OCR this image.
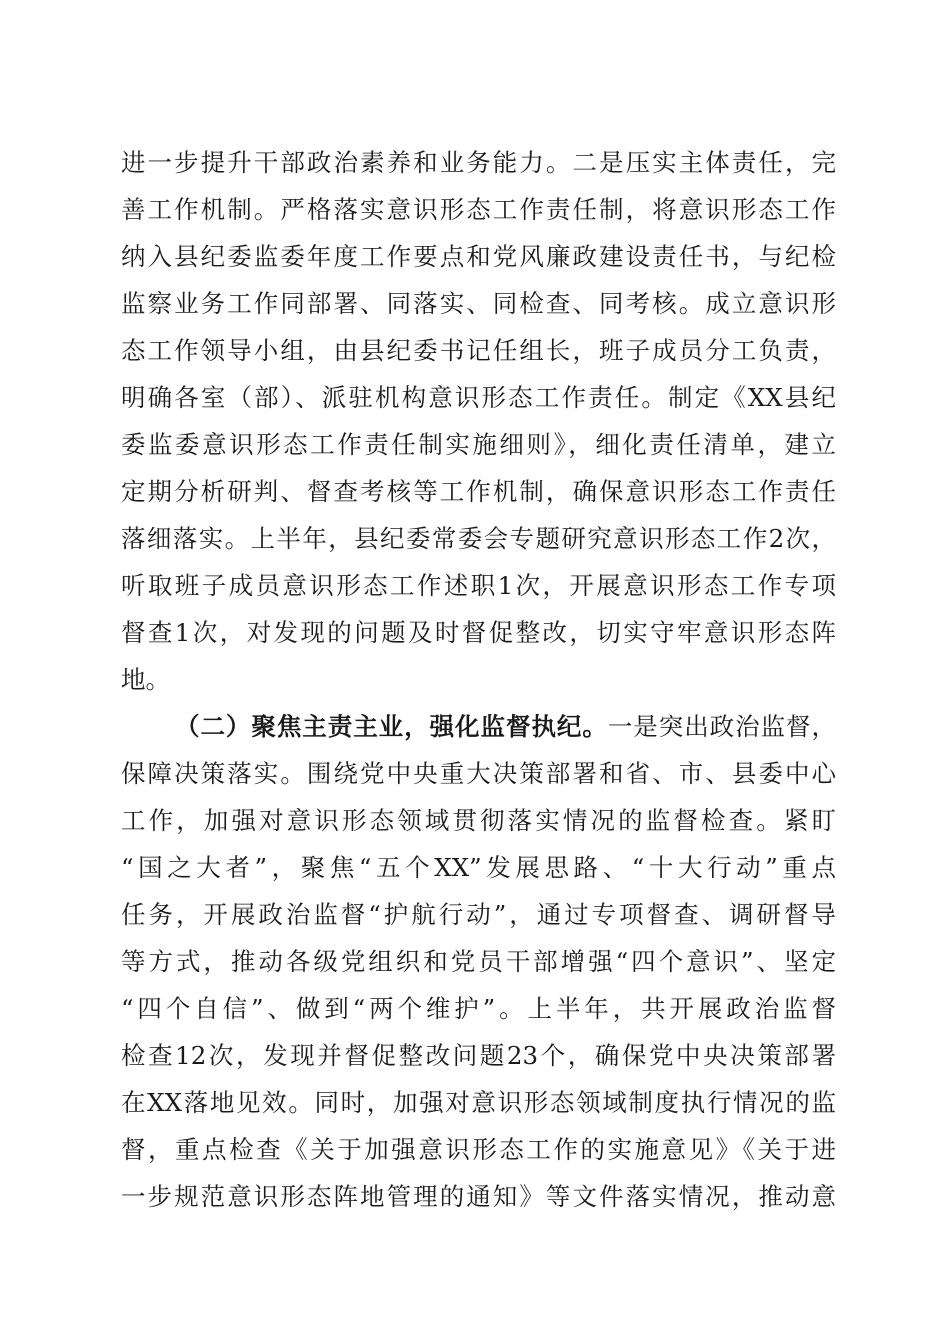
进一步提升干部政治素养和业务能力。二是压实主体责任，完
善工作机制。严格落实意识形态工作责任制，将意识形态工作
纳入县纪委监委年度工作要点和党风廉政建设责任书，与纪检
监察业务工作同部署、同落实、同检查、同考核。成立意识形
态工作领导小组，由县纪委书记任组长，班子成员分工负责，
明确各室（部）、派驻机构意识形态工作责任。制定《XX县纪
委监委意识形态工作责任制实施细则》，细化责任清单，建立
定期分析研判、督查考核等工作机制，确保意识形态工作责任
落细落实。上半年，县纪委常委会专题研究意识形态工作2次，
听取班子成员意识形态工作述职1次，开展意识形态工作专项
督查1次，对发现的问题及时督促整改，切实守牢意识形态阵
地。
（二）聚焦主责主业，强化监督执纪。一是突出政治监督，
保障决策落实。围绕党中央重大决策部署和省、市、县委中心
工作，加强对意识形态领域贯彻落实情况的监督检查。紧盯
“国之大者”，聚焦“五个XX”发展思路、“十大行动”重点
任务，开展政治监督“护航行动”，通过专项督查、调研督导
等方式，推动各级党组织和党员干部增强“四个意识”、坚定
“四个自信”、做到“两个维护”。上半年，共开展政治监督
检查12次，发现并督促整改问题23个，确保党中央决策部署
在XX落地见效。同时，加强对意识形态领域制度执行情况的监
督，重点检查《关于加强意识形态工作的实施意见》《关于进
一步规范意识形态阵地管理的通知》等文件落实情况，推动意
